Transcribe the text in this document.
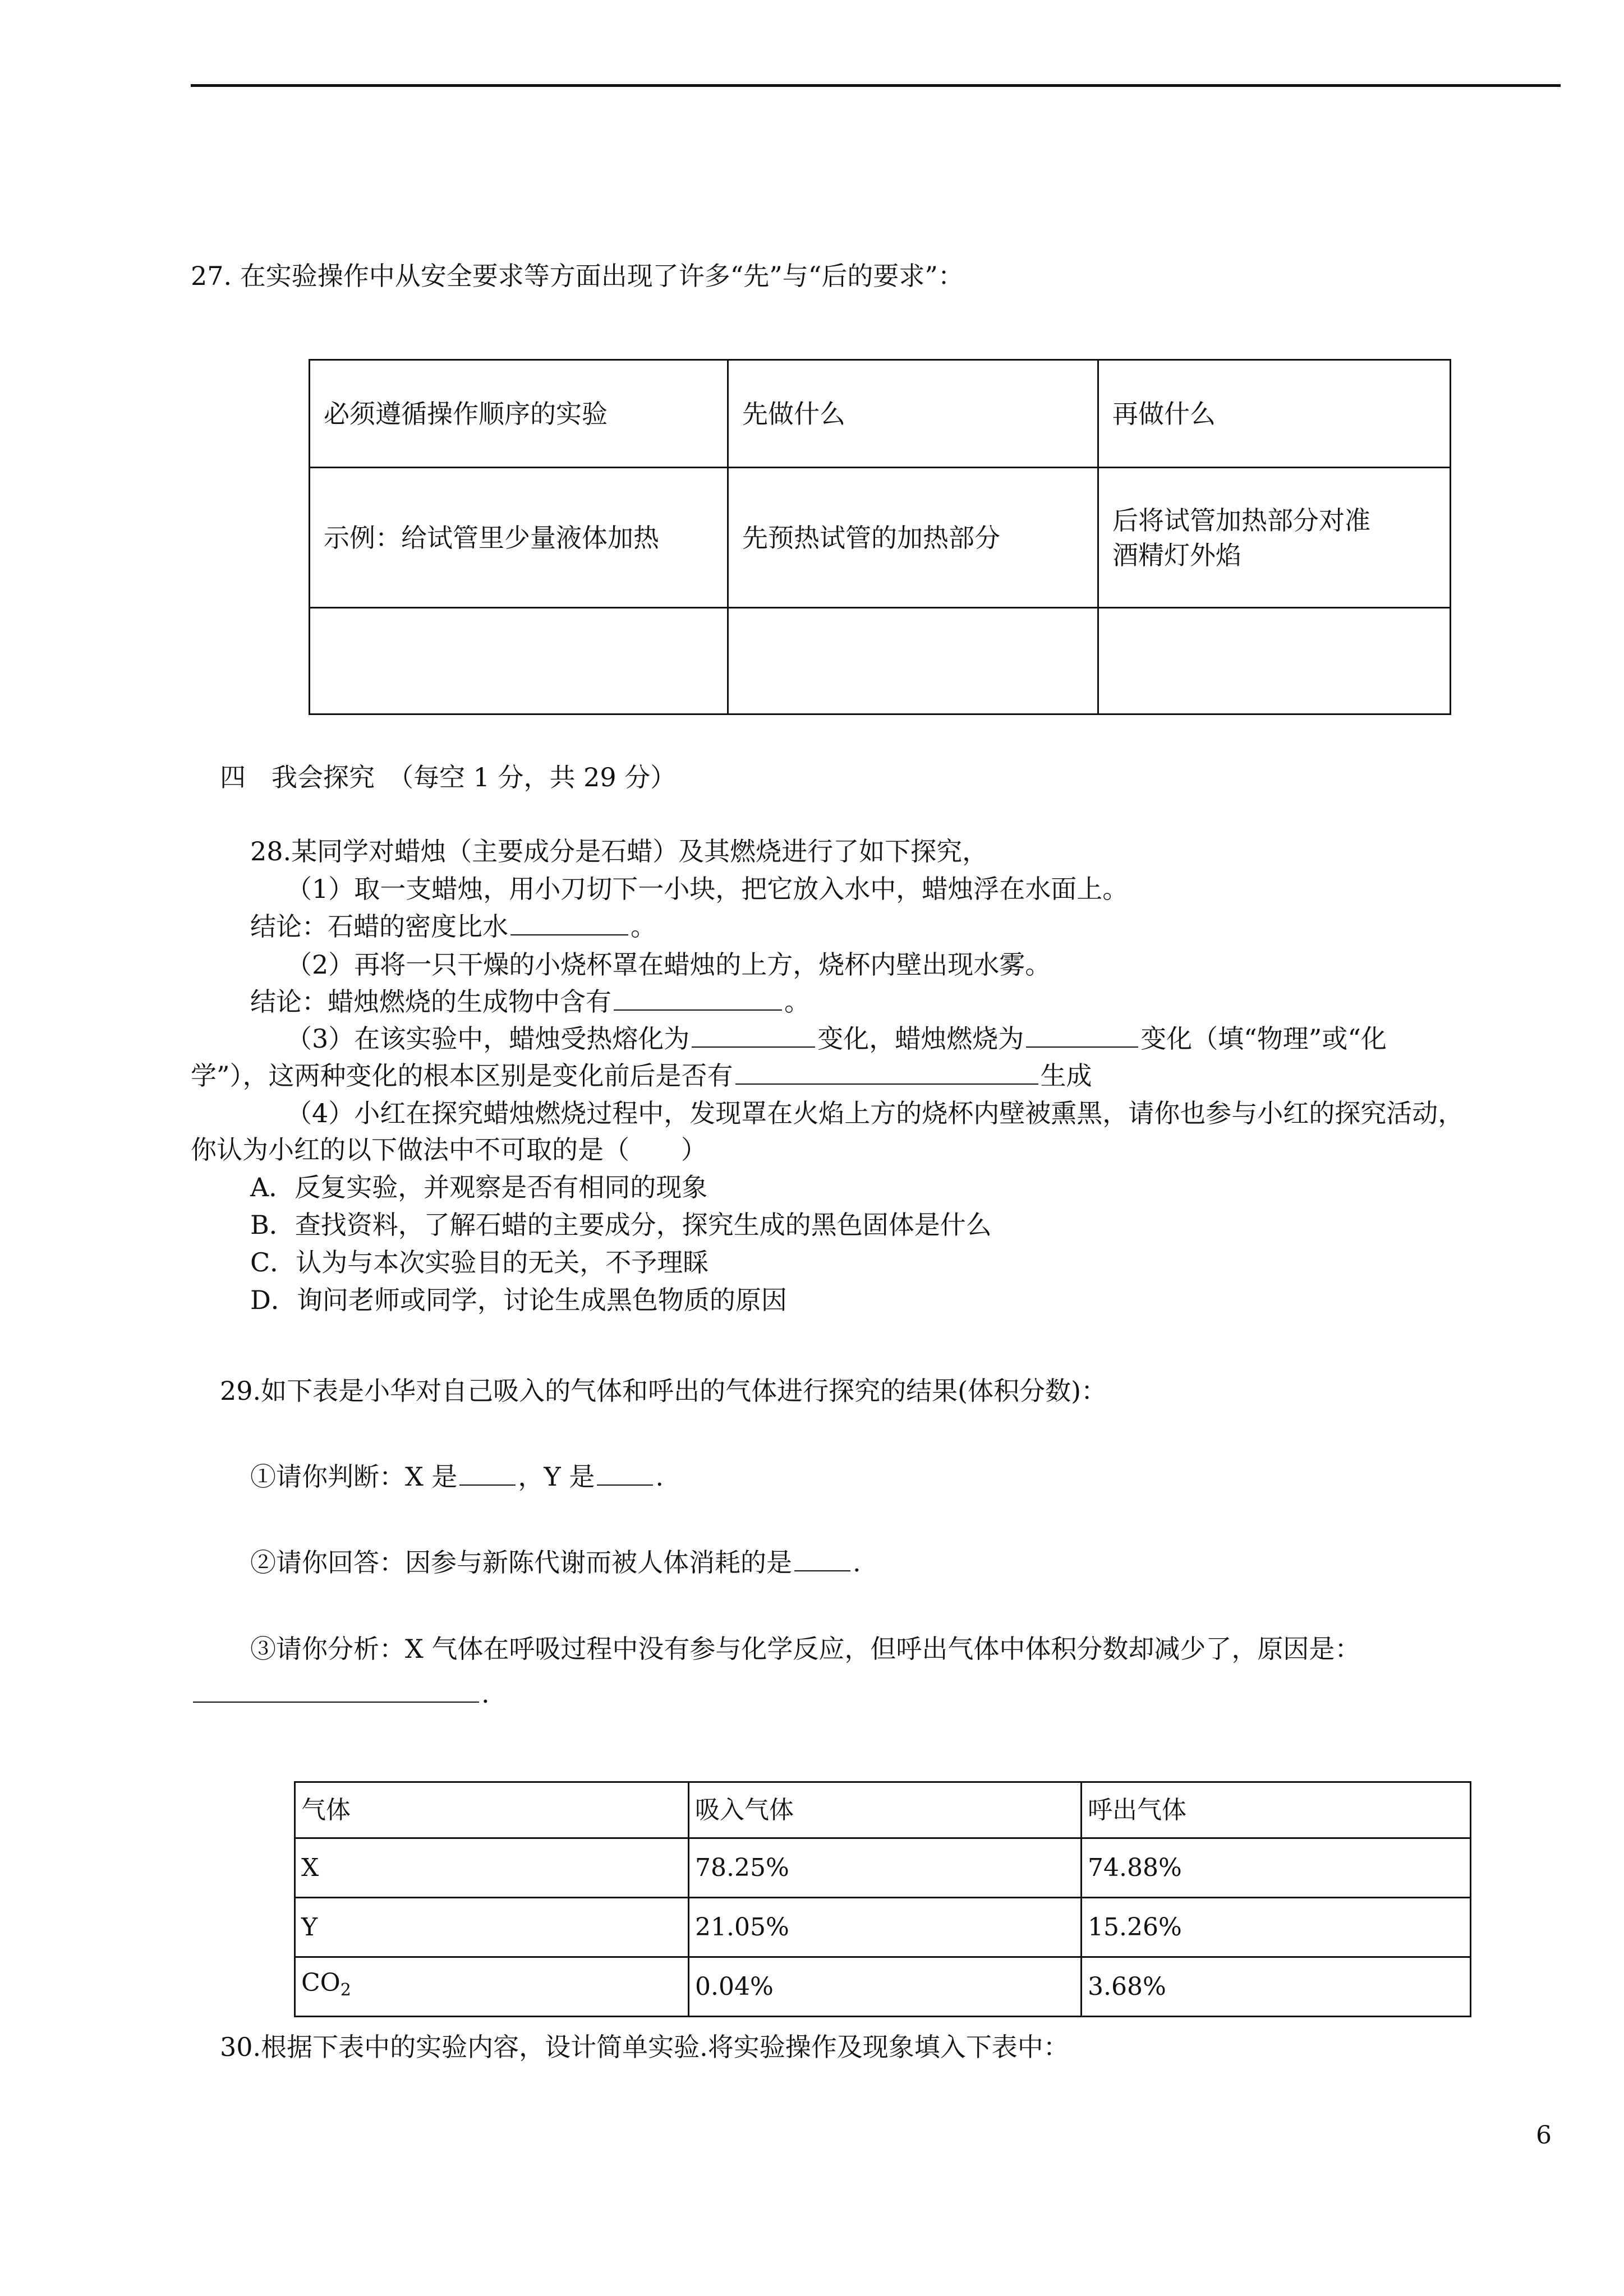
27. 在实验操作中从安全要求等方面出现了许多“先”与“后的要求”：
必须遵循操作顺序的实验	先做什么	再做什么
示例：给试管里少量液体加热	先预热试管的加热部分	后将试管加热部分对准
酒精灯外焰

四　我会探究　（每空 1 分，共 29 分）
28.某同学对蜡烛（主要成分是石蜡）及其燃烧进行了如下探究，
（1）取一支蜡烛，用小刀切下一小块，把它放入水中，蜡烛浮在水面上。
结论：石蜡的密度比水	。
（2）再将一只干燥的小烧杯罩在蜡烛的上方，烧杯内壁出现水雾。
结论：蜡烛燃烧的生成物中含有	。
（3）在该实验中，蜡烛受热熔化为	变化，蜡烛燃烧为	变化（填“物理”或“化
学”），这两种变化的根本区别是变化前后是否有	生成
（4）小红在探究蜡烛燃烧过程中，发现罩在火焰上方的烧杯内壁被熏黑，请你也参与小红的探究活动，
你认为小红的以下做法中不可取的是（　　）
A．反复实验，并观察是否有相同的现象
B．查找资料，了解石蜡的主要成分，探究生成的黑色固体是什么
C．认为与本次实验目的无关，不予理睬
D．询问老师或同学，讨论生成黑色物质的原因
29.如下表是小华对自己吸入的气体和呼出的气体进行探究的结果(体积分数)：
①请你判断：X 是 ，Y 是 .
②请你回答：因参与新陈代谢而被人体消耗的是 .
③请你分析：X 气体在呼吸过程中没有参与化学反应，但呼出气体中体积分数却减少了，原因是：
.
气体	吸入气体	呼出气体
X	78.25%	74.88%
Y	21.05%	15.26%
$CO_2$	0.04%	3.68%
30.根据下表中的实验内容，设计简单实验.将实验操作及现象填入下表中：
6
